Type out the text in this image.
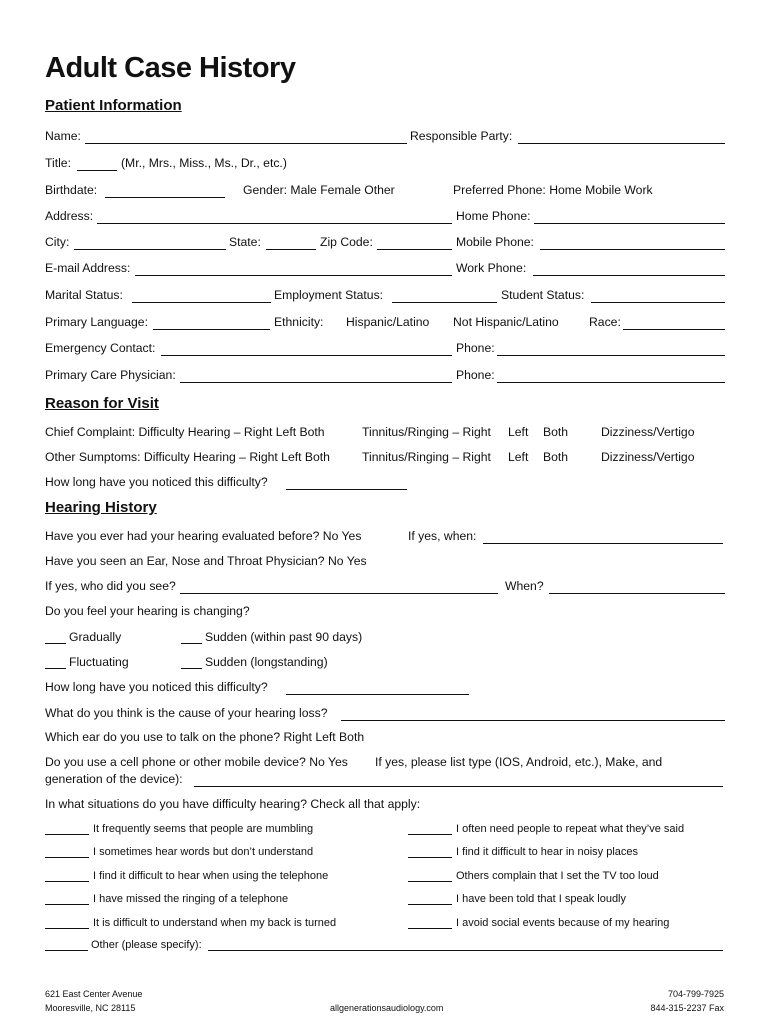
Adult Case History
Patient Information
Name:	Responsible Party:
Title:	(Mr., Mrs., Miss., Ms., Dr., etc.)
Birthdate:	Gender: Male Female Other	Preferred Phone: Home Mobile Work
Address:	Home Phone:
City:	State:	Zip Code:	Mobile Phone:
E-mail Address:	Work Phone:
Marital Status:	Employment Status:	Student Status:
Primary Language:	Ethnicity: Hispanic/Latino Not Hispanic/Latino Race:
Emergency Contact:	Phone:
Primary Care Physician:	Phone:
Reason for Visit
Chief Complaint: Difficulty Hearing – Right Left Both	Tinnitus/Ringing – Right Left Both	Dizziness/Vertigo
Other Sumptoms: Difficulty Hearing – Right Left Both	Tinnitus/Ringing – Right Left Both	Dizziness/Vertigo
How long have you noticed this difficulty?
Hearing History
Have you ever had your hearing evaluated before? No Yes	If yes, when:
Have you seen an Ear, Nose and Throat Physician? No Yes
If yes, who did you see?	When?
Do you feel your hearing is changing?
Gradually	Sudden (within past 90 days)
Fluctuating	Sudden (longstanding)
How long have you noticed this difficulty?
What do you think is the cause of your hearing loss?
Which ear do you use to talk on the phone? Right Left Both
Do you use a cell phone or other mobile device? No Yes If yes, please list type (IOS, Android, etc.), Make, and
generation of the device):
In what situations do you have difficulty hearing? Check all that apply:
It frequently seems that people are mumbling
I sometimes hear words but don’t understand
I find it difficult to hear when using the telephone
I have missed the ringing of a telephone
It is difficult to understand when my back is turned
I often need people to repeat what they’ve said
I find it difficult to hear in noisy places
Others complain that I set the TV too loud
I have been told that I speak loudly
I avoid social events because of my hearing
Other (please specify):
621 East Center Avenue
Mooresville, NC 28115	allgenerationsaudiology.com
704-799-7925
844-315-2237 Fax
